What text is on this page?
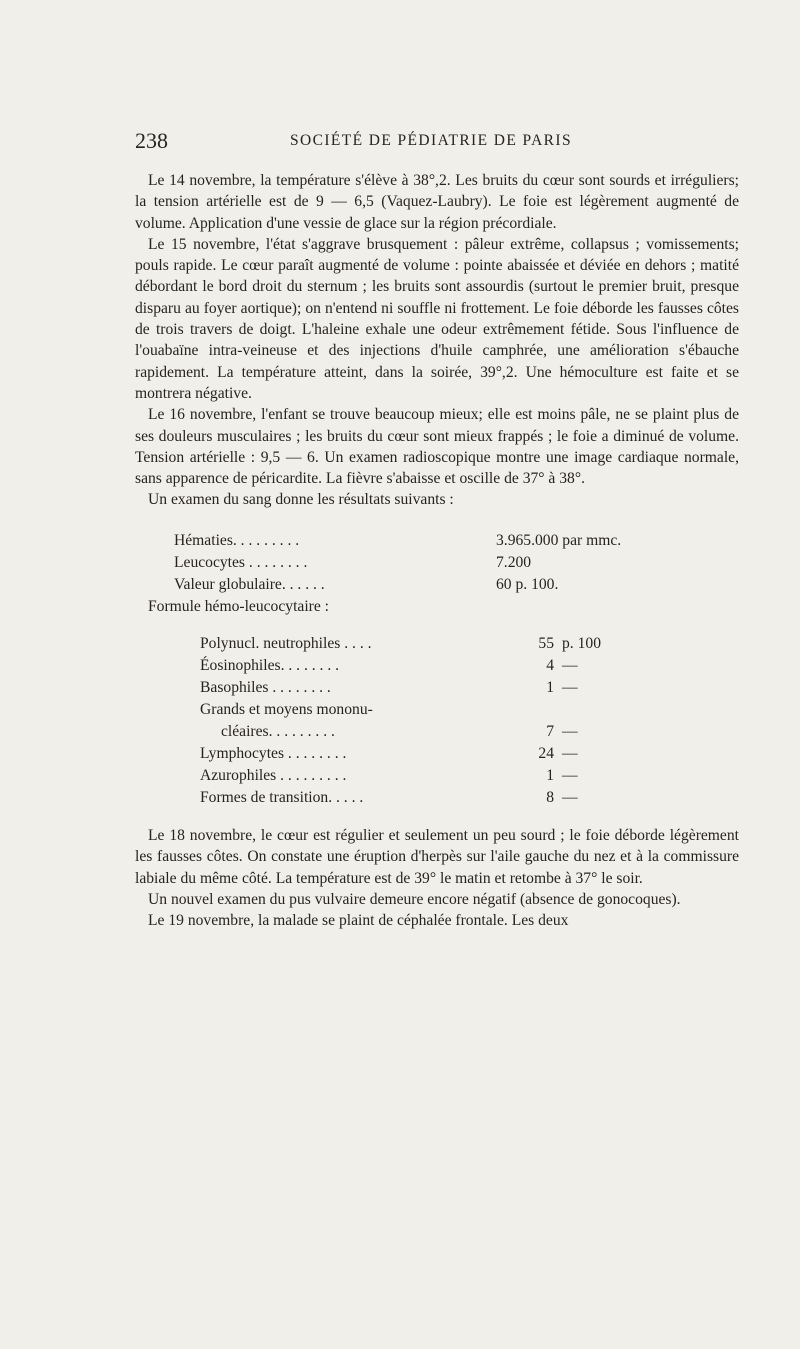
238	SOCIÉTÉ DE PÉDIATRIE DE PARIS

Le 14 novembre, la température s'élève à 38°,2. Les bruits du cœur sont sourds et irréguliers; la tension artérielle est de 9 — 6,5 (Vaquez-Laubry). Le foie est légèrement augmenté de volume. Application d'une vessie de glace sur la région précordiale.

Le 15 novembre, l'état s'aggrave brusquement : pâleur extrême, collapsus ; vomissements; pouls rapide. Le cœur paraît augmenté de volume : pointe abaissée et déviée en dehors ; matité débordant le bord droit du sternum ; les bruits sont assourdis (surtout le premier bruit, presque disparu au foyer aortique); on n'entend ni souffle ni frottement. Le foie déborde les fausses côtes de trois travers de doigt. L'haleine exhale une odeur extrêmement fétide. Sous l'influence de l'ouabaïne intra-veineuse et des injections d'huile camphrée, une amélioration s'ébauche rapidement. La température atteint, dans la soirée, 39°,2. Une hémoculture est faite et se montrera négative.

Le 16 novembre, l'enfant se trouve beaucoup mieux; elle est moins pâle, ne se plaint plus de ses douleurs musculaires ; les bruits du cœur sont mieux frappés ; le foie a diminué de volume. Tension artérielle : 9,5 — 6. Un examen radioscopique montre une image cardiaque normale, sans apparence de péricardite. La fièvre s'abaisse et oscille de 37° à 38°.

Un examen du sang donne les résultats suivants :

Hématies. . . . . . . . .	3.965.000 par mmc.
Leucocytes . . . . . . . .	7.200
Valeur globulaire. . . . . .	60 p. 100.

Formule hémo-leucocytaire :

Polynucl. neutrophiles . . . .	55 p. 100
Éosinophiles. . . . . . . .	4 —
Basophiles . . . . . . . .	1 —
Grands et moyens mononu-
cléaires. . . . . . . . .	7 —
Lymphocytes . . . . . . . .	24 —
Azurophiles . . . . . . . . .	1 —
Formes de transition. . . . .	8 —

Le 18 novembre, le cœur est régulier et seulement un peu sourd ; le foie déborde légèrement les fausses côtes. On constate une éruption d'herpès sur l'aile gauche du nez et à la commissure labiale du même côté. La température est de 39° le matin et retombe à 37° le soir.

Un nouvel examen du pus vulvaire demeure encore négatif (absence de gonocoques).

Le 19 novembre, la malade se plaint de céphalée frontale. Les deux
